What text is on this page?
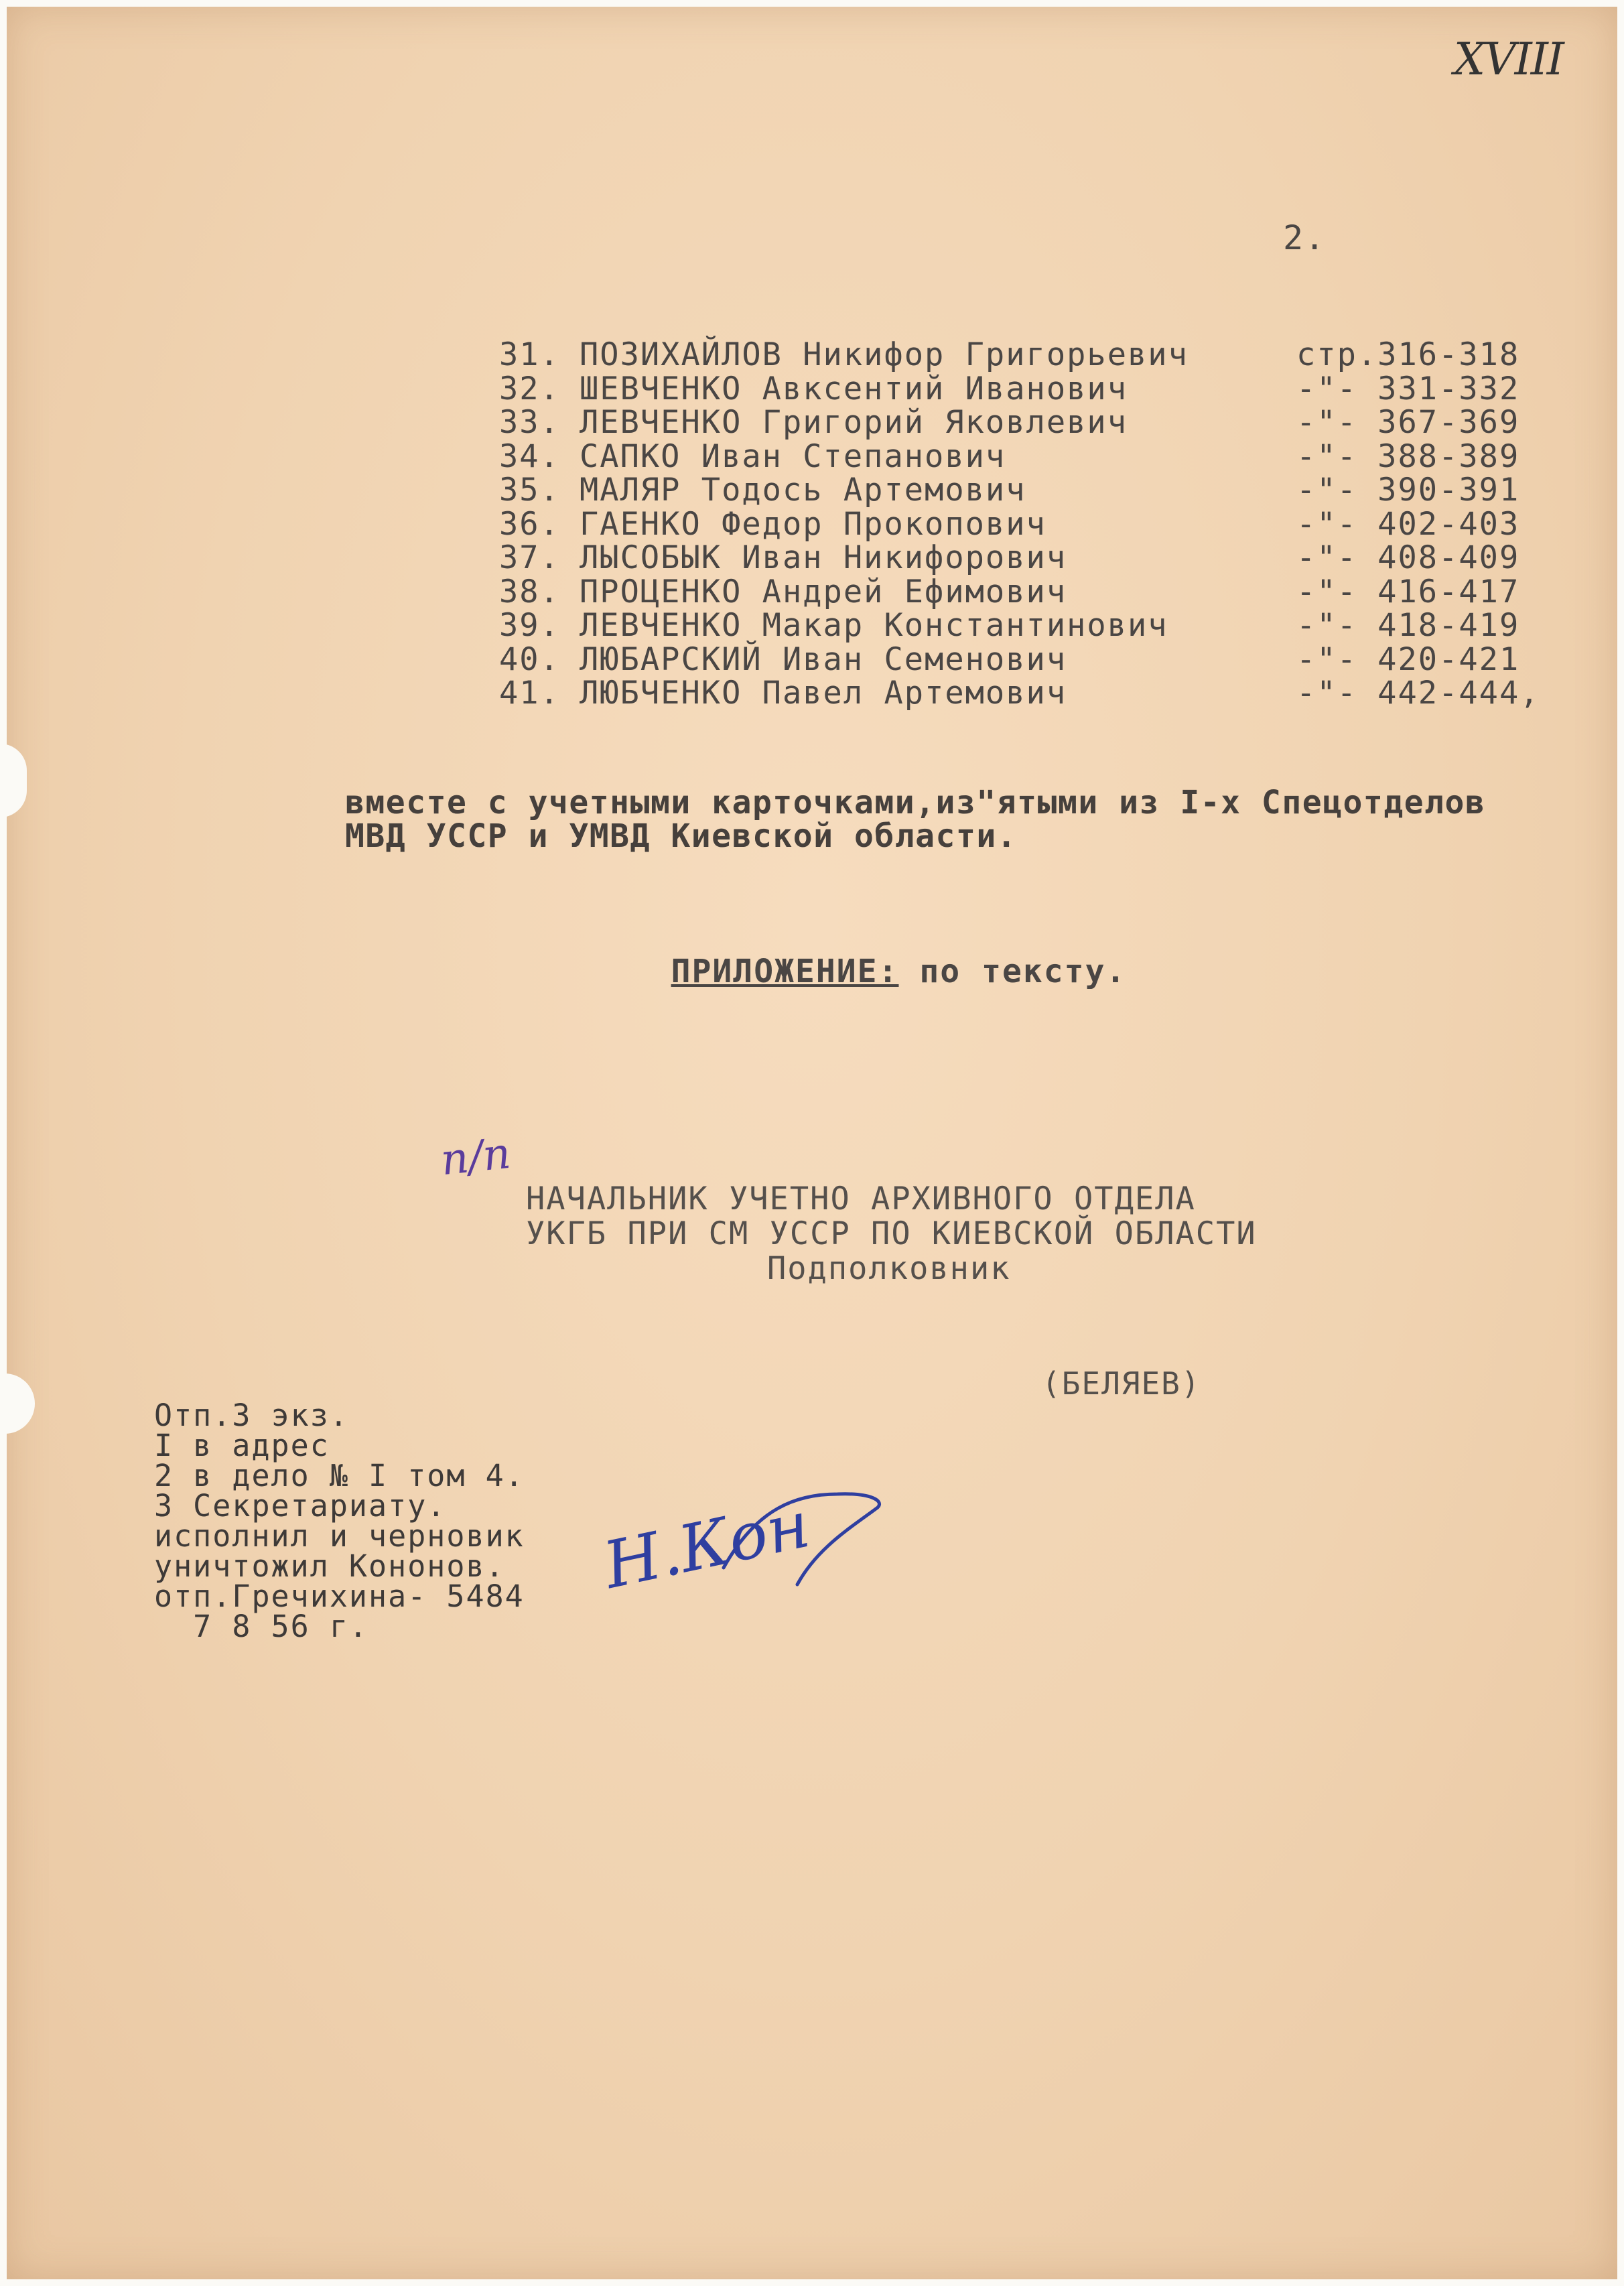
XVIII
2.
31. ПОЗИХАЙЛОВ Никифор Григорьевич	стр.316-318
32. ШЕВЧЕНКО Авксентий Иванович	-"- 331-332
33. ЛЕВЧЕНКО Григорий Яковлевич	-"- 367-369
34. САПКО Иван Степанович	-"- 388-389
35. МАЛЯР Тодось Артемович	-"- 390-391
36. ГАЕНКО Федор Прокопович	-"- 402-403
37. ЛЫСОБЫК Иван Никифорович	-"- 408-409
38. ПРОЦЕНКО Андрей Ефимович	-"- 416-417
39. ЛЕВЧЕНКО Макар Константинович	-"- 418-419
40. ЛЮБАРСКИЙ Иван Семенович	-"- 420-421
41. ЛЮБЧЕНКО Павел Артемович	-"- 442-444,
вместе с учетными карточками,из"ятыми из I-х Спецотделов
МВД УССР и УМВД Киевской области.

ПРИЛОЖЕНИЕ: по тексту.

п/п
НАЧАЛЬНИК УЧЕТНО АРХИВНОГО ОТДЕЛА
УКГБ ПРИ СМ УССР ПО КИЕВСКОЙ ОБЛАСТИ
Подполковник
(БЕЛЯЕВ)
Отп.3 экз.
I в адрес
2 в дело № I том 4.
3 Секретариату.
исполнил и черновик
уничтожил Кононов.
отп.Гречихина- 5484
7 8 56 г.
Н.Кон
